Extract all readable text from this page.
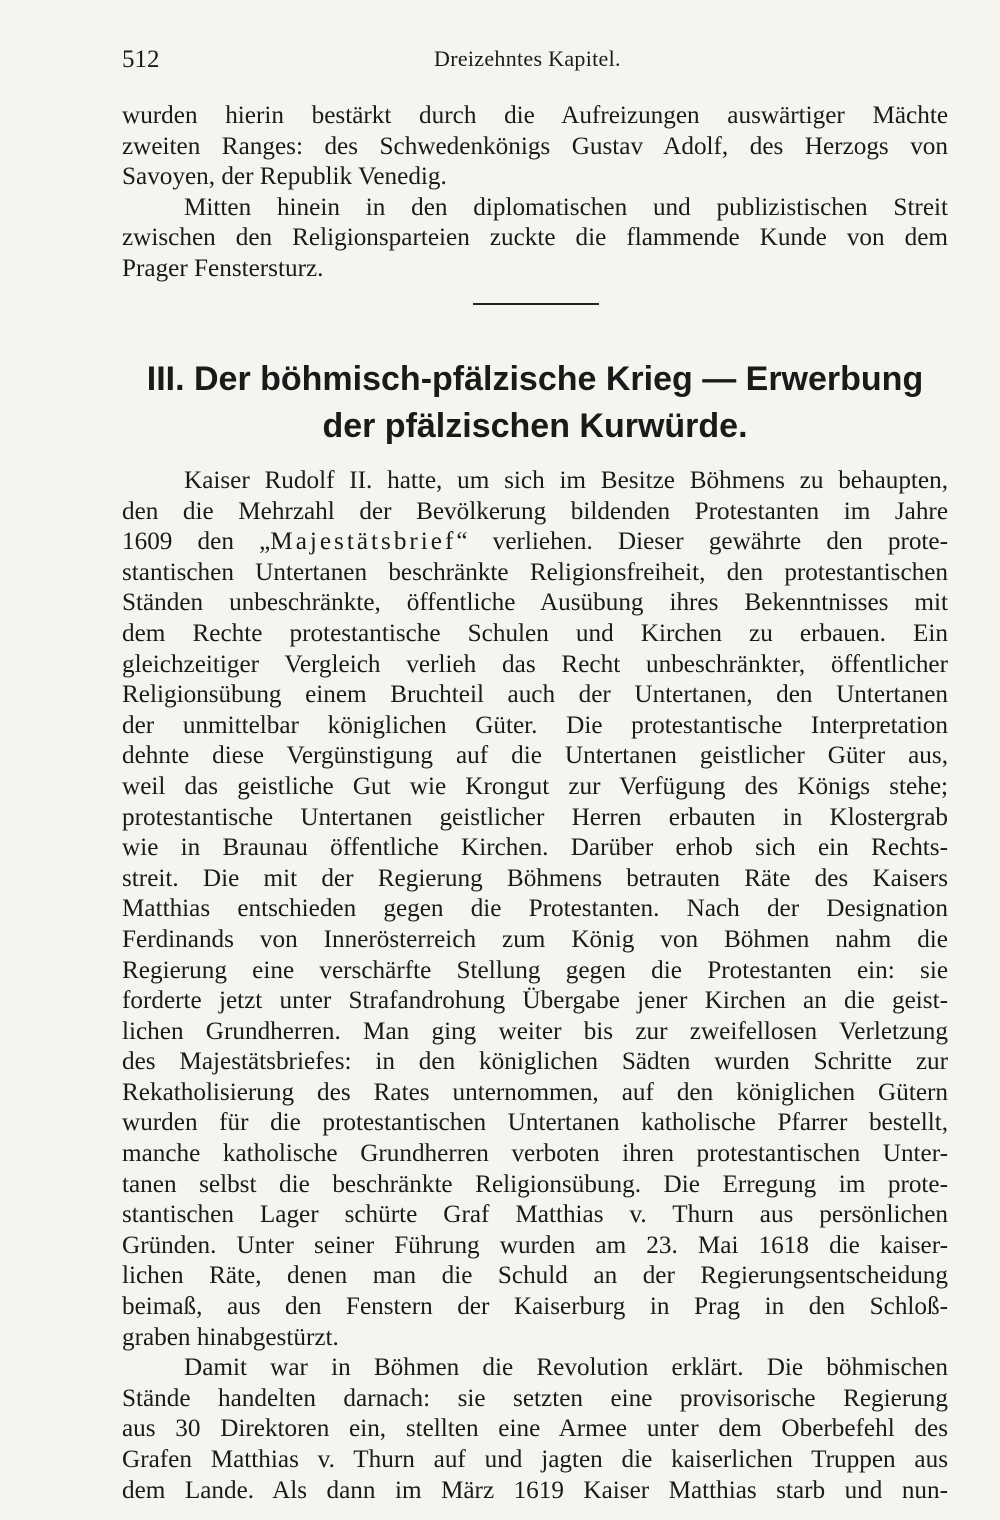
512	Dreizehntes Kapitel.
wurden hierin bestärkt durch die Aufreizungen auswärtiger Mächte
zweiten Ranges: des Schwedenkönigs Gustav Adolf, des Herzogs von
Savoyen, der Republik Venedig.
Mitten hinein in den diplomatischen und publizistischen Streit
zwischen den Religionsparteien zuckte die flammende Kunde von dem
Prager Fenstersturz.
III. Der böhmisch-pfälzische Krieg — Erwerbung
der pfälzischen Kurwürde.
Kaiser Rudolf II. hatte, um sich im Besitze Böhmens zu behaupten,
den die Mehrzahl der Bevölkerung bildenden Protestanten im Jahre
1609 den „Majestätsbrief“ verliehen. Dieser gewährte den prote-
stantischen Untertanen beschränkte Religionsfreiheit, den protestantischen
Ständen unbeschränkte, öffentliche Ausübung ihres Bekenntnisses mit
dem Rechte protestantische Schulen und Kirchen zu erbauen. Ein
gleichzeitiger Vergleich verlieh das Recht unbeschränkter, öffentlicher
Religionsübung einem Bruchteil auch der Untertanen, den Untertanen
der unmittelbar königlichen Güter. Die protestantische Interpretation
dehnte diese Vergünstigung auf die Untertanen geistlicher Güter aus,
weil das geistliche Gut wie Krongut zur Verfügung des Königs stehe;
protestantische Untertanen geistlicher Herren erbauten in Klostergrab
wie in Braunau öffentliche Kirchen. Darüber erhob sich ein Rechts-
streit. Die mit der Regierung Böhmens betrauten Räte des Kaisers
Matthias entschieden gegen die Protestanten. Nach der Designation
Ferdinands von Innerösterreich zum König von Böhmen nahm die
Regierung eine verschärfte Stellung gegen die Protestanten ein: sie
forderte jetzt unter Strafandrohung Übergabe jener Kirchen an die geist-
lichen Grundherren. Man ging weiter bis zur zweifellosen Verletzung
des Majestätsbriefes: in den königlichen Sädten wurden Schritte zur
Rekatholisierung des Rates unternommen, auf den königlichen Gütern
wurden für die protestantischen Untertanen katholische Pfarrer bestellt,
manche katholische Grundherren verboten ihren protestantischen Unter-
tanen selbst die beschränkte Religionsübung. Die Erregung im prote-
stantischen Lager schürte Graf Matthias v. Thurn aus persönlichen
Gründen. Unter seiner Führung wurden am 23. Mai 1618 die kaiser-
lichen Räte, denen man die Schuld an der Regierungsentscheidung
beimaß, aus den Fenstern der Kaiserburg in Prag in den Schloß-
graben hinabgestürzt.
Damit war in Böhmen die Revolution erklärt. Die böhmischen
Stände handelten darnach: sie setzten eine provisorische Regierung
aus 30 Direktoren ein, stellten eine Armee unter dem Oberbefehl des
Grafen Matthias v. Thurn auf und jagten die kaiserlichen Truppen aus
dem Lande. Als dann im März 1619 Kaiser Matthias starb und nun-
